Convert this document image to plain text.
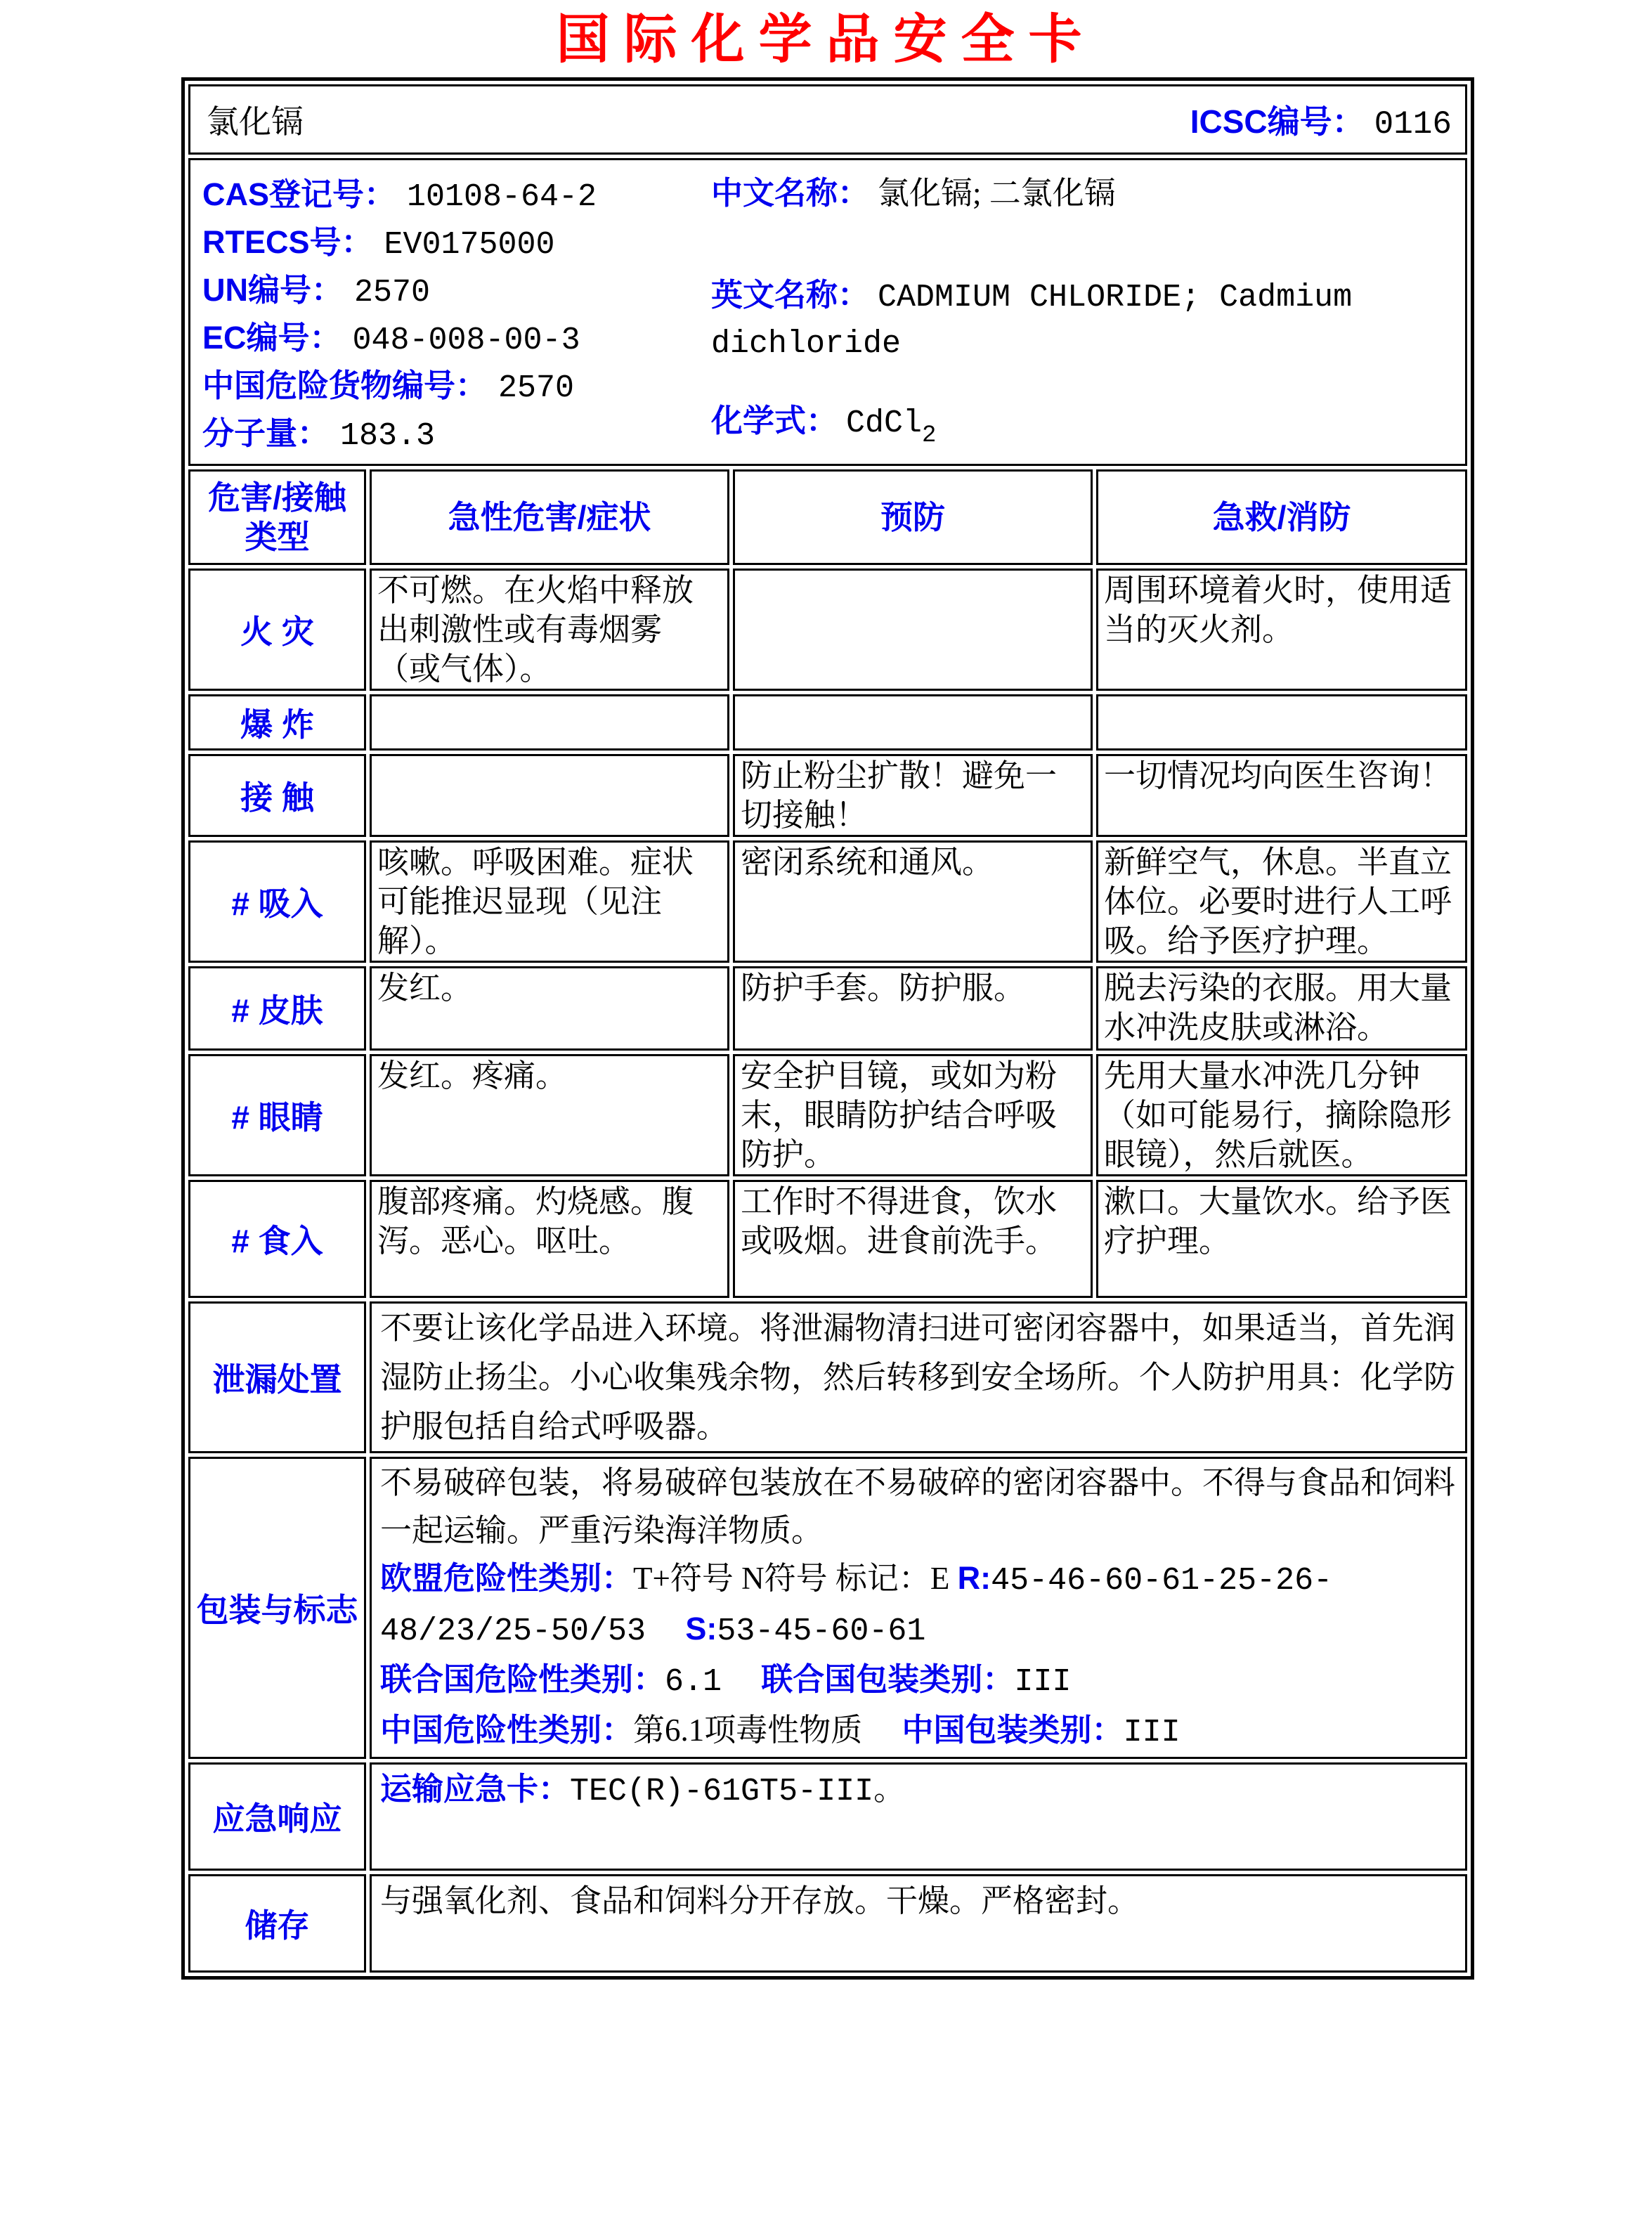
国际化学品安全卡
氯化镉 ICSC编号： 0116			

CAS登记号： 10108-64-2
RTECS号： EV0175000
UN编号： 2570
EC编号： 048-008-00-3
中国危险货物编号： 2570
分子量： 183.3
中文名称： 氯化镉; 二氯化镉
英文名称： CADMIUM CHLORIDE; Cadmium dichloride
化学式： CdCl$_2$

危害/接触
类型	急性危害/症状	预防	急救/消防
火 灾	不可燃。在火焰中释放出刺激性或有毒烟雾（或气体）。		周围环境着火时，使用适当的灭火剂。
爆 炸			
接 触		防止粉尘扩散！避免一切接触！	一切情况均向医生咨询！
# 吸入	咳嗽。呼吸困难。症状可能推迟显现（见注解）。	密闭系统和通风。	新鲜空气，休息。半直立体位。必要时进行人工呼吸。给予医疗护理。
# 皮肤	发红。	防护手套。防护服。	脱去污染的衣服。用大量水冲洗皮肤或淋浴。
# 眼睛	发红。疼痛。	安全护目镜，或如为粉末，眼睛防护结合呼吸防护。	先用大量水冲洗几分钟（如可能易行，摘除隐形眼镜），然后就医。
# 食入	腹部疼痛。灼烧感。腹泻。恶心。呕吐。	工作时不得进食，饮水或吸烟。进食前洗手。	漱口。大量饮水。给予医疗护理。
泄漏处置	不要让该化学品进入环境。将泄漏物清扫进可密闭容器中，如果适当，首先润湿防止扬尘。小心收集残余物，然后转移到安全场所。个人防护用具：化学防护服包括自给式呼吸器。		
包装与标志	不易破碎包装，将易破碎包装放在不易破碎的密闭容器中。不得与食品和饲料一起运输。严重污染海洋物质。

欧盟危险性类别：T+符号 N符号 标记：E R:45-46-60-61-25-26-48/23/25-50/53　 S:53-45-60-61

联合国危险性类别：6.1　 联合国包装类别：III

中国危险性类别：第6.1项毒性物质　 中国包装类别：III		

应急响应	运输应急卡：TEC(R)-61GT5-III。		
储存	与强氧化剂、食品和饲料分开存放。干燥。严格密封。		
